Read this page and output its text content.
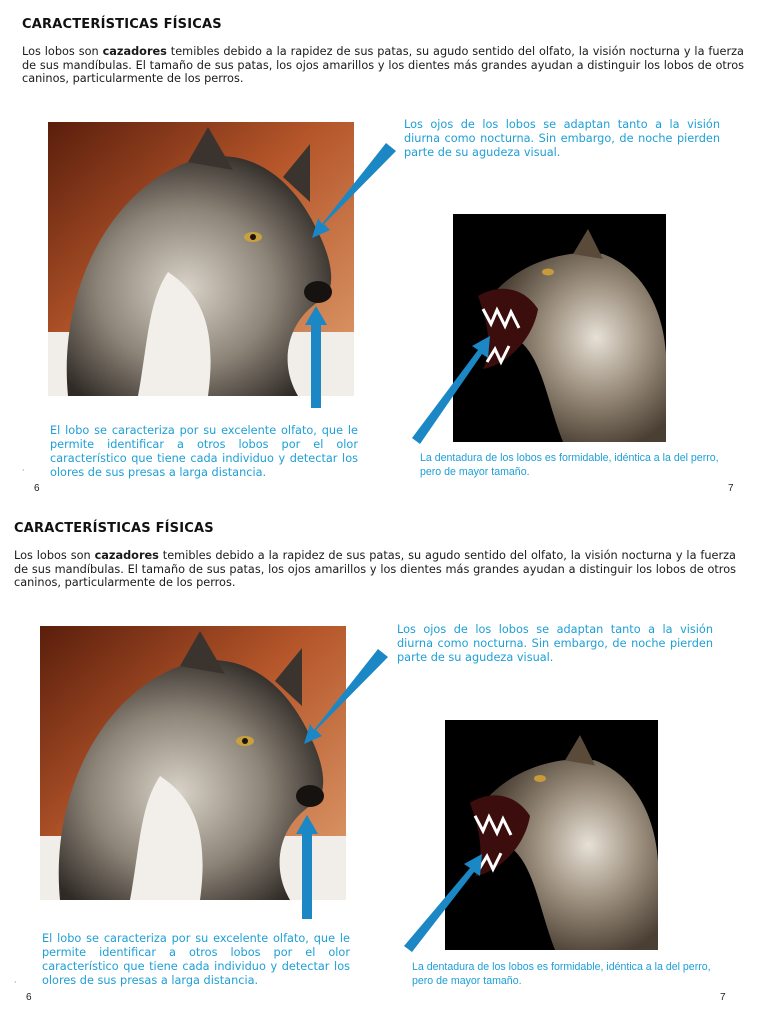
CARACTERÍSTICAS FÍSICAS

Los lobos son cazadores temibles debido a la rapidez de sus patas, su agudo sentido del olfato, la visión nocturna y la fuerza de sus mandíbulas. El tamaño de sus patas, los ojos amarillos y los dientes más grandes ayudan a distinguir los lobos de otros caninos, particularmente de los perros.

Los ojos de los lobos se adaptan tanto a la visión diurna como nocturna. Sin embargo, de noche pierden parte de su agudeza visual.

El lobo se caracteriza por su excelente olfato, que le permite identificar a otros lobos por el olor característico que tiene cada individuo y detectar los olores de sus presas a larga distancia.

La dentadura de los lobos es formidable, idéntica a la del perro, pero de mayor tamaño.

·
6	7
CARACTERÍSTICAS FÍSICAS

Los lobos son cazadores temibles debido a la rapidez de sus patas, su agudo sentido del olfato, la visión nocturna y la fuerza de sus mandíbulas. El tamaño de sus patas, los ojos amarillos y los dientes más grandes ayudan a distinguir los lobos de otros caninos, particularmente de los perros.

Los ojos de los lobos se adaptan tanto a la visión diurna como nocturna. Sin embargo, de noche pierden parte de su agudeza visual.

El lobo se caracteriza por su excelente olfato, que le permite identificar a otros lobos por el olor característico que tiene cada individuo y detectar los olores de sus presas a larga distancia.

La dentadura de los lobos es formidable, idéntica a la del perro, pero de mayor tamaño.

·
6	7
